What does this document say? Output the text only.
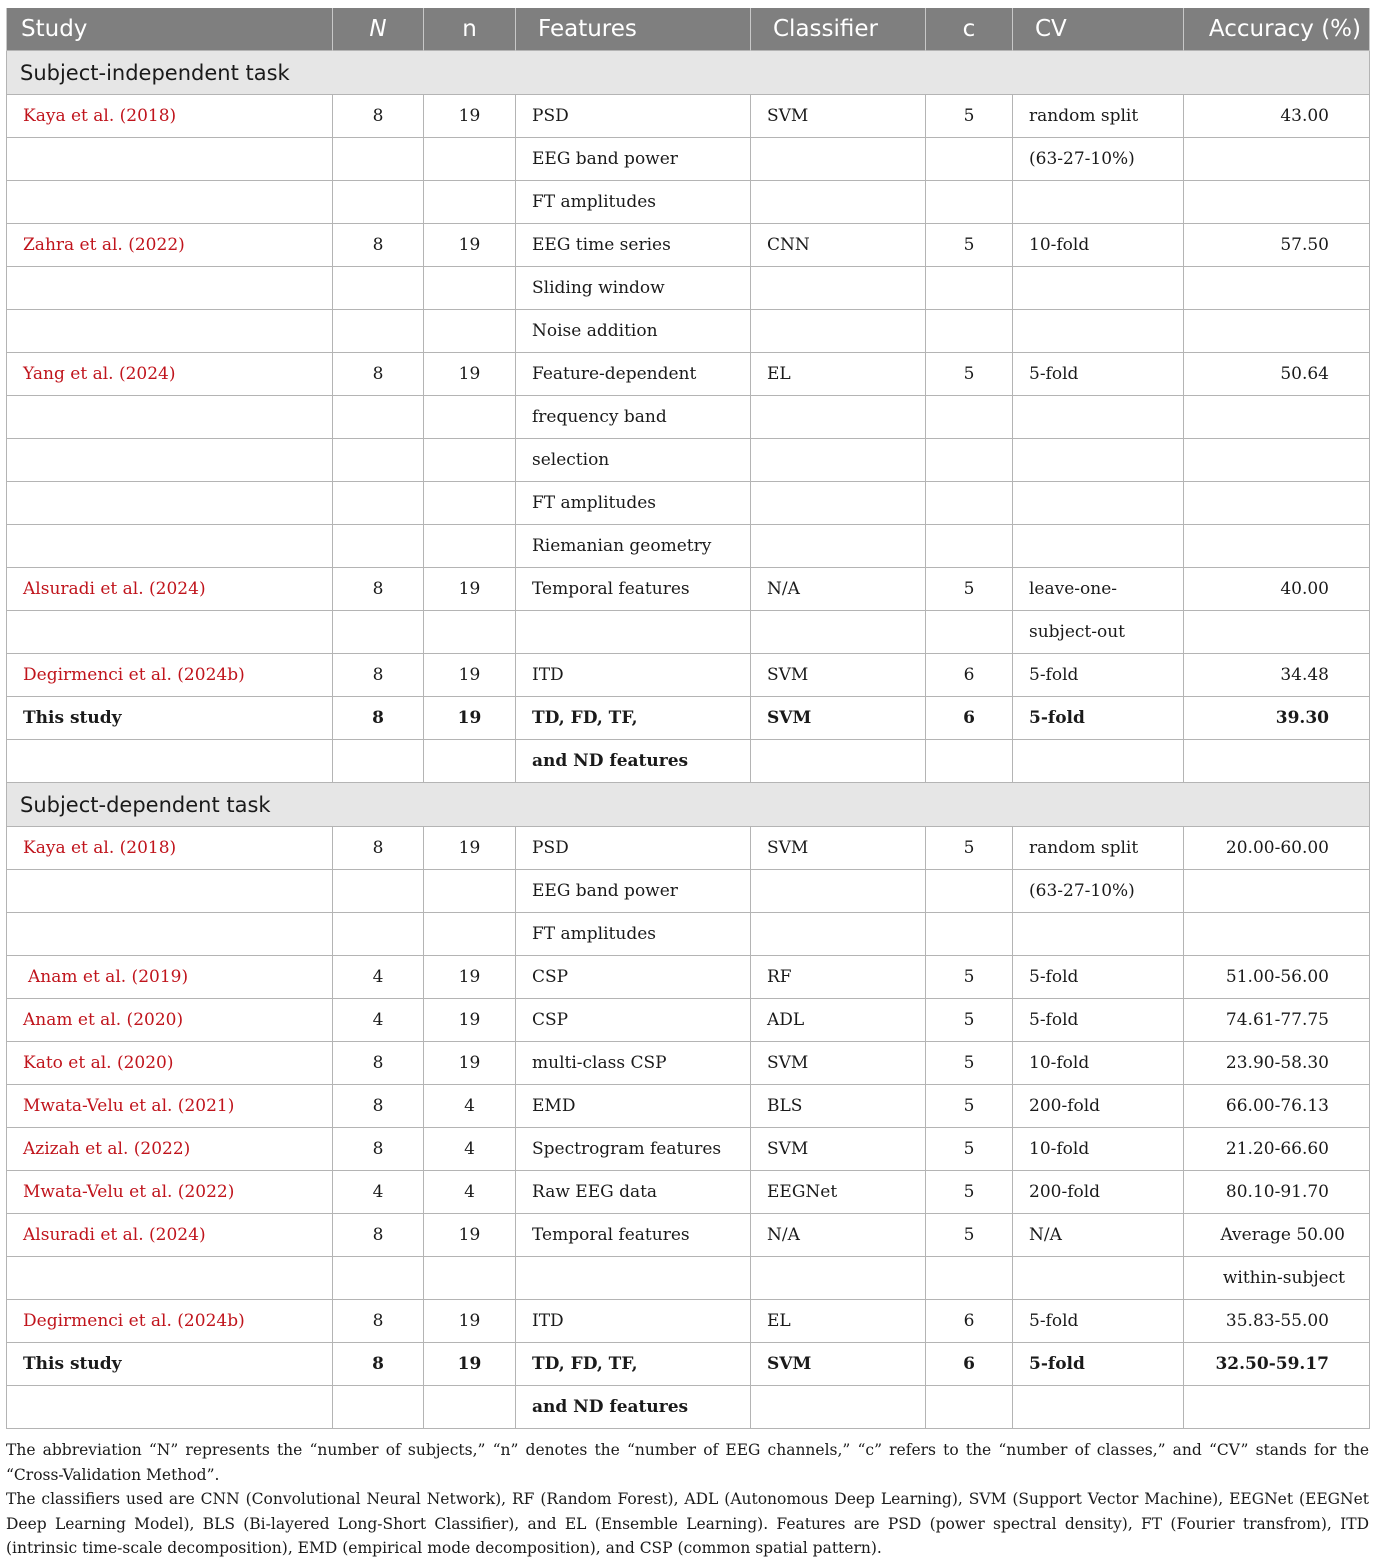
Study	N	n	Features	Classifier	c	CV	Accuracy (%)
Subject-independent task							
Kaya et al. (2018)	8	19	PSD	SVM	5	random split	43.00
			EEG band power			(63-27-10%)	
			FT amplitudes				
Zahra et al. (2022)	8	19	EEG time series	CNN	5	10-fold	57.50
			Sliding window				
			Noise addition				
Yang et al. (2024)	8	19	Feature-dependent	EL	5	5-fold	50.64
			frequency band				
			selection				
			FT amplitudes				
			Riemanian geometry				
Alsuradi et al. (2024)	8	19	Temporal features	N/A	5	leave-one-	40.00
						subject-out	
Degirmenci et al. (2024b)	8	19	ITD	SVM	6	5-fold	34.48
This study	8	19	TD, FD, TF,	SVM	6	5-fold	39.30
			and ND features				
Subject-dependent task							
Kaya et al. (2018)	8	19	PSD	SVM	5	random split	20.00-60.00
			EEG band power			(63-27-10%)	
			FT amplitudes				
Anam et al. (2019)	4	19	CSP	RF	5	5-fold	51.00-56.00
Anam et al. (2020)	4	19	CSP	ADL	5	5-fold	74.61-77.75
Kato et al. (2020)	8	19	multi-class CSP	SVM	5	10-fold	23.90-58.30
Mwata-Velu et al. (2021)	8	4	EMD	BLS	5	200-fold	66.00-76.13
Azizah et al. (2022)	8	4	Spectrogram features	SVM	5	10-fold	21.20-66.60
Mwata-Velu et al. (2022)	4	4	Raw EEG data	EEGNet	5	200-fold	80.10-91.70
Alsuradi et al. (2024)	8	19	Temporal features	N/A	5	N/A	Average 50.00
							within-subject
Degirmenci et al. (2024b)	8	19	ITD	EL	6	5-fold	35.83-55.00
This study	8	19	TD, FD, TF,	SVM	6	5-fold	32.50-59.17
			and ND features				

The abbreviation “N” represents the “number of subjects,” “n” denotes the “number of EEG channels,” “c” refers to the “number of classes,” and “CV” stands for the “Cross-Validation Method”.

The classifiers used are CNN (Convolutional Neural Network), RF (Random Forest), ADL (Autonomous Deep Learning), SVM (Support Vector Machine), EEGNet (EEGNet Deep Learning Model), BLS (Bi-layered Long-Short Classifier), and EL (Ensemble Learning). Features are PSD (power spectral density), FT (Fourier transfrom), ITD (intrinsic time-scale decomposition), EMD (empirical mode decomposition), and CSP (common spatial pattern).
